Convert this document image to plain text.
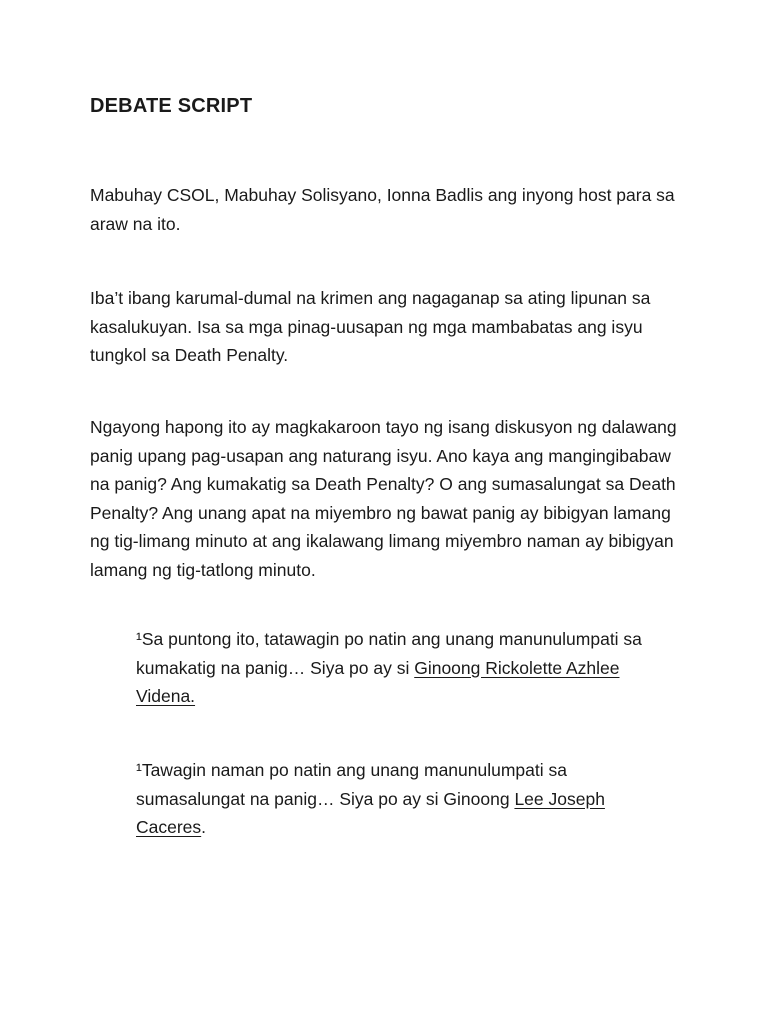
DEBATE SCRIPT

Mabuhay CSOL, Mabuhay Solisyano, Ionna Badlis ang inyong host para sa araw na ito.

Iba’t ibang karumal-dumal na krimen ang nagaganap sa ating lipunan sa kasalukuyan. Isa sa mga pinag-uusapan ng mga mambabatas ang isyu tungkol sa Death Penalty.

Ngayong hapong ito ay magkakaroon tayo ng isang diskusyon ng dalawang panig upang pag-usapan ang naturang isyu. Ano kaya ang mangingibabaw na panig? Ang kumakatig sa Death Penalty? O ang sumasalungat sa Death Penalty? Ang unang apat na miyembro ng bawat panig ay bibigyan lamang ng tig-limang minuto at ang ikalawang limang miyembro naman ay bibigyan lamang ng tig-tatlong minuto.

¹Sa puntong ito, tatawagin po natin ang unang manunulumpati sa kumakatig na panig… Siya po ay si Ginoong Rickolette Azhlee Videna.

¹Tawagin naman po natin ang unang manunulumpati sa sumasalungat na panig… Siya po ay si Ginoong Lee Joseph Caceres.
